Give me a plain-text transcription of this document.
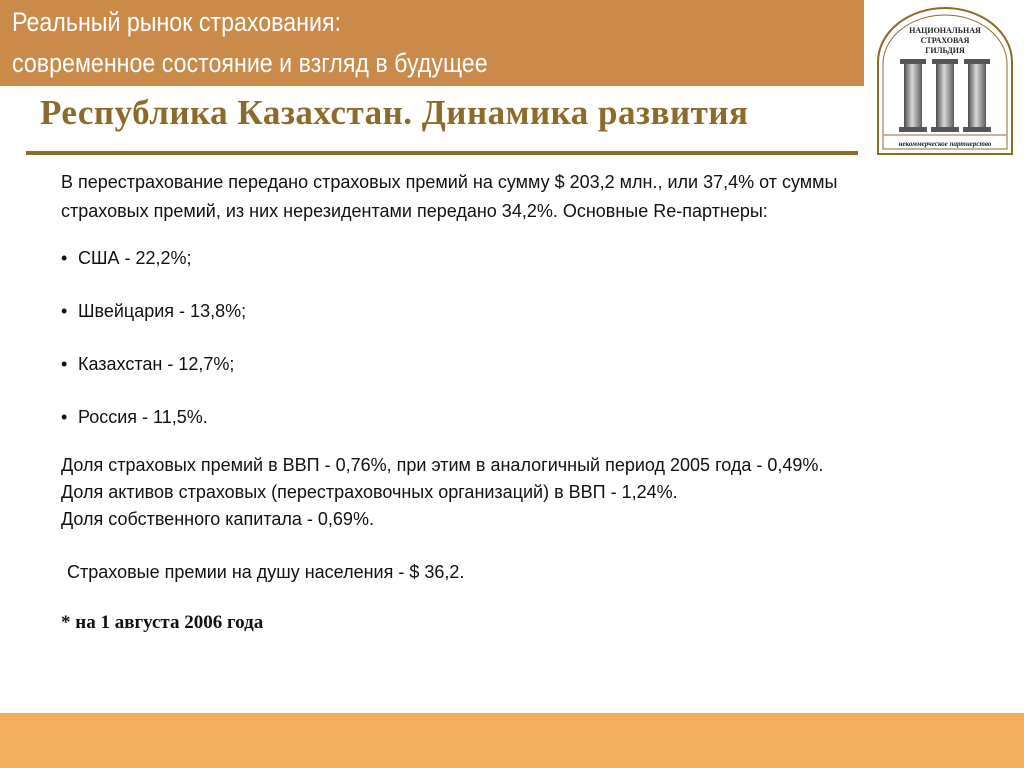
Реальный рынок страхования:
современное состояние и взгляд в будущее
НАЦИОНАЛЬНАЯ
СТРАХОВАЯ
ГИЛЬДИЯ
некоммерческое партнерство
Республика Казахстан. Динамика развития

В перестрахование передано страховых премий на сумму $ 203,2 млн., или 37,4% от суммы страховых премий, из них нерезидентами передано 34,2%. Основные Re-партнеры:

• США - 22,2%;
• Швейцария - 13,8%;
• Казахстан - 12,7%;
• Россия - 11,5%.
Доля страховых премий в ВВП - 0,76%, при этим в аналогичный период 2005 года - 0,49%.
Доля активов страховых (перестраховочных организаций) в ВВП - 1,24%.
Доля собственного капитала - 0,69%.

Страховые премии на душу населения - $ 36,2.

* на 1 августа 2006 года
